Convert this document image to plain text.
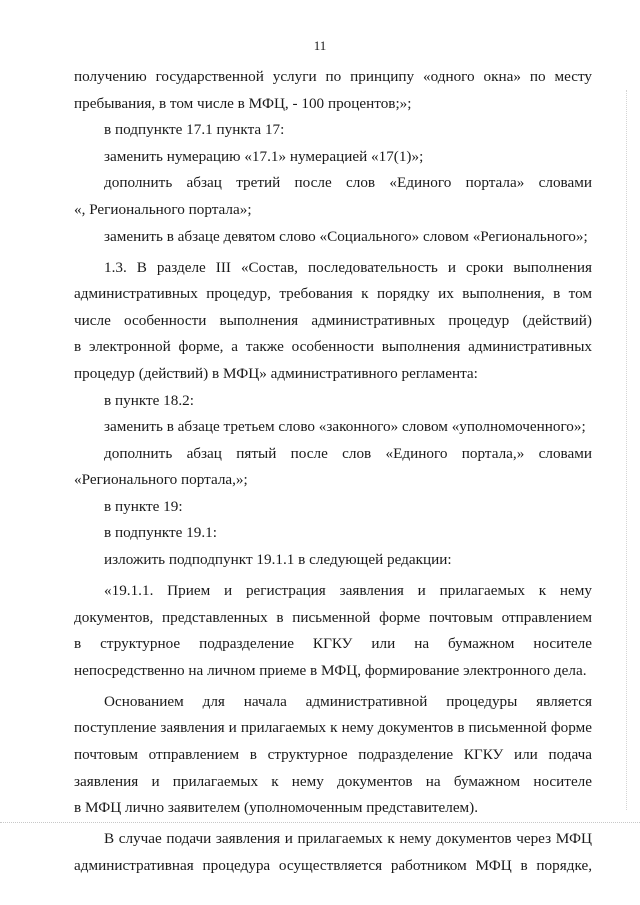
11
получению государственной услуги по принципу «одного окна» по месту
пребывания, в том числе в МФЦ, - 100 процентов;»;
в подпункте 17.1 пункта 17:
заменить нумерацию «17.1» нумерацией «17(1)»;
дополнить абзац третий после слов «Единого портала» словами
«, Регионального портала»;
заменить в абзаце девятом слово «Социального» словом «Регионального»;
1.3. В разделе III «Состав, последовательность и сроки выполнения
административных процедур, требования к порядку их выполнения, в том
числе особенности выполнения административных процедур (действий)
в электронной форме, а также особенности выполнения административных
процедур (действий) в МФЦ» административного регламента:
в пункте 18.2:
заменить в абзаце третьем слово «законного» словом «уполномоченного»;
дополнить абзац пятый после слов «Единого портала,» словами
«Регионального портала,»;
в пункте 19:
в подпункте 19.1:
изложить подподпункт 19.1.1 в следующей редакции:
«19.1.1. Прием и регистрация заявления и прилагаемых к нему
документов, представленных в письменной форме почтовым отправлением
в структурное подразделение КГКУ или на бумажном носителе
непосредственно на личном приеме в МФЦ, формирование электронного дела.
Основанием для начала административной процедуры является
поступление заявления и прилагаемых к нему документов в письменной форме
почтовым отправлением в структурное подразделение КГКУ или подача
заявления и прилагаемых к нему документов на бумажном носителе
в МФЦ лично заявителем (уполномоченным представителем).
В случае подачи заявления и прилагаемых к нему документов через МФЦ
административная процедура осуществляется работником МФЦ в порядке,
